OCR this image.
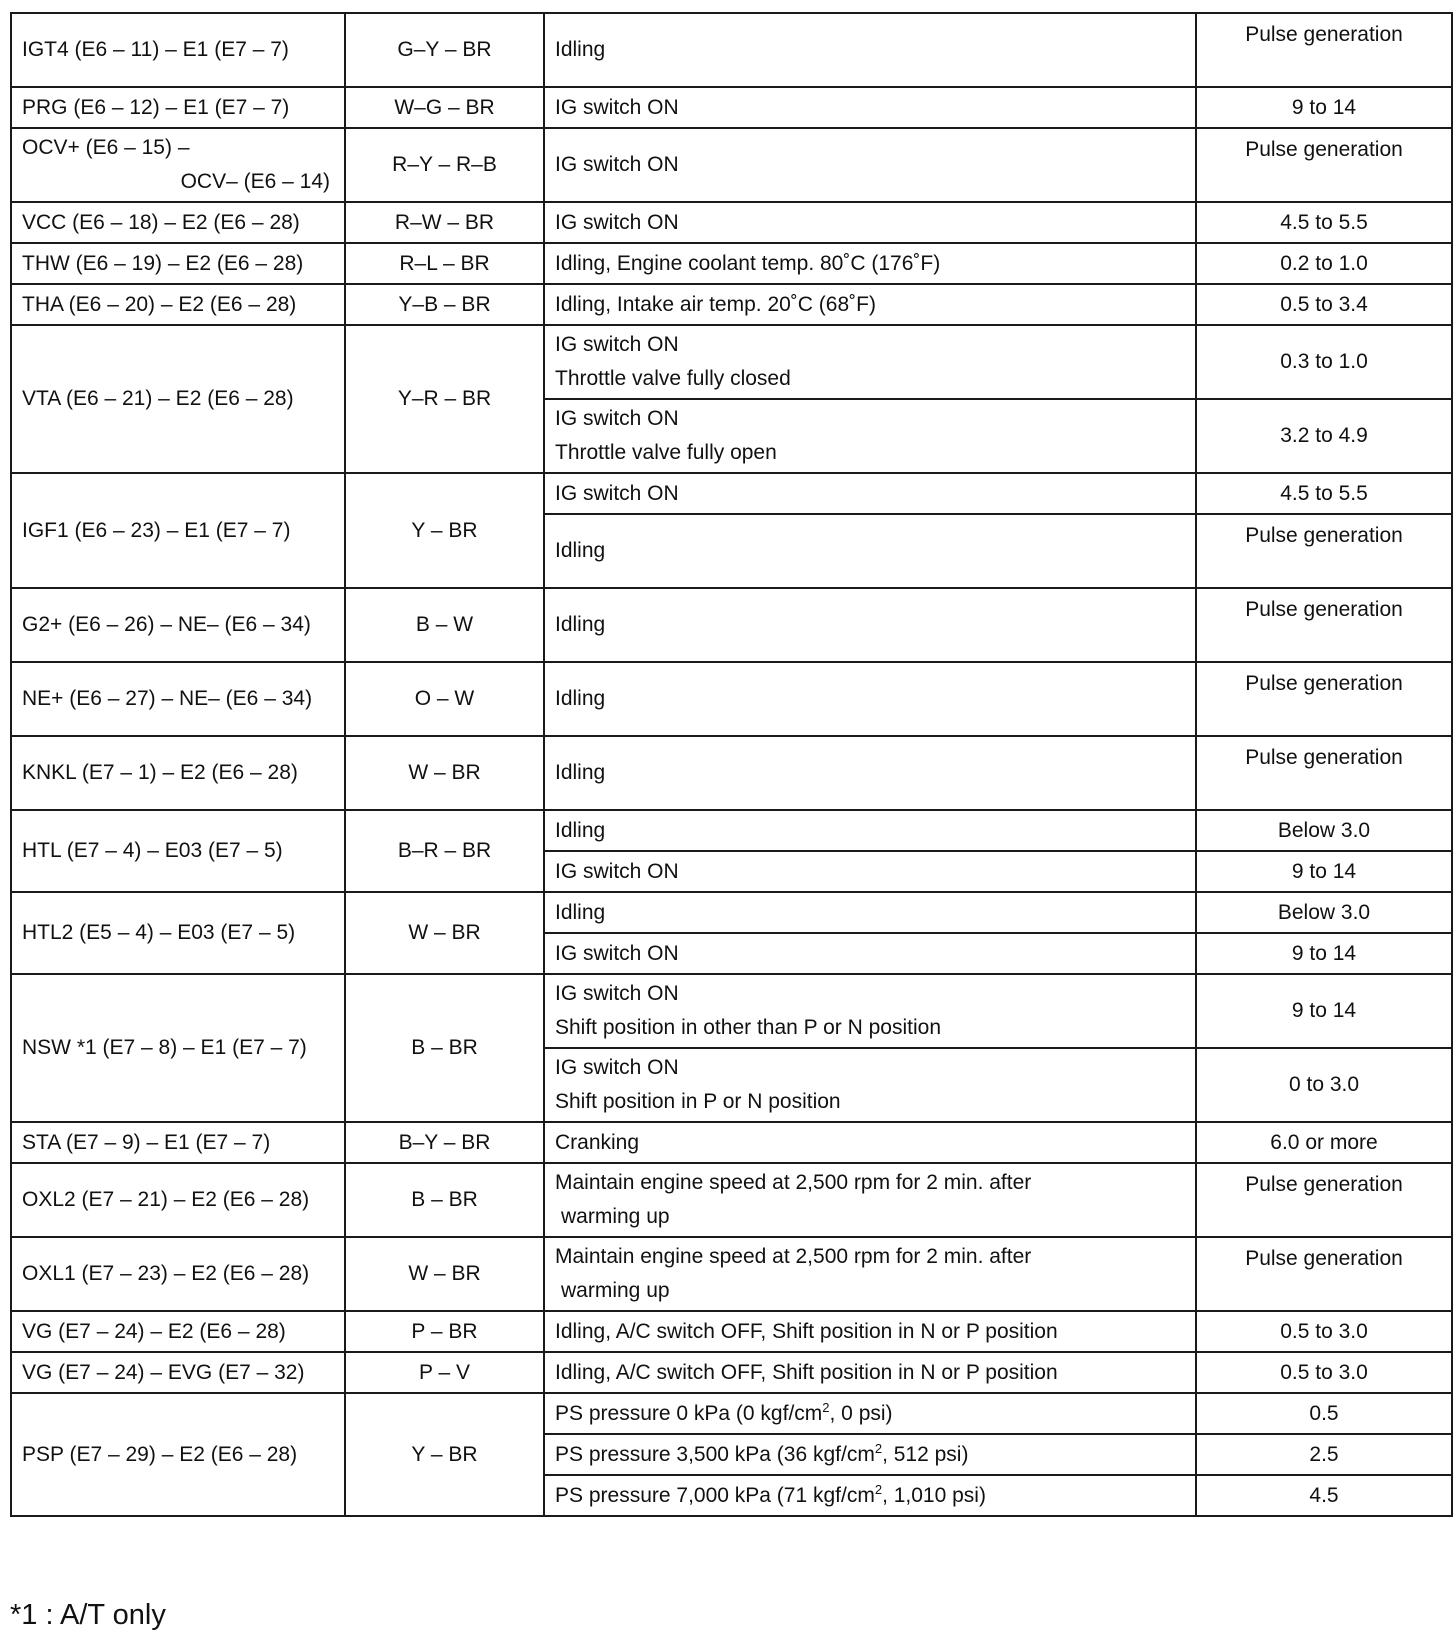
IGT4 (E6 – 11) – E1 (E7 – 7)	G–Y – BR	Idling	Pulse generation
PRG (E6 – 12) – E1 (E7 – 7)	W–G – BR	IG switch ON	9 to 14

OCV+ (E6 – 15) –
OCV– (E6 – 14)	R–Y – R–B	IG switch ON	Pulse generation
VCC (E6 – 18) – E2 (E6 – 28)	R–W – BR	IG switch ON	4.5 to 5.5
THW (E6 – 19) – E2 (E6 – 28)	R–L – BR	Idling, Engine coolant temp. 80˚C (176˚F)	0.2 to 1.0
THA (E6 – 20) – E2 (E6 – 28)	Y–B – BR	Idling, Intake air temp. 20˚C (68˚F)	0.5 to 3.4
VTA (E6 – 21) – E2 (E6 – 28)	Y–R – BR	IG switch ON
Throttle valve fully closed	0.3 to 1.0

		IG switch ON
Throttle valve fully open	3.2 to 4.9
IGF1 (E6 – 23) – E1 (E7 – 7)	Y – BR	IG switch ON	4.5 to 5.5

		Idling	Pulse generation
G2+ (E6 – 26) – NE– (E6 – 34)	B – W	Idling	Pulse generation
NE+ (E6 – 27) – NE– (E6 – 34)	O – W	Idling	Pulse generation
KNKL (E7 – 1) – E2 (E6 – 28)	W – BR	Idling	Pulse generation
HTL (E7 – 4) – E03 (E7 – 5)	B–R – BR	Idling	Below 3.0

		IG switch ON	9 to 14
HTL2 (E5 – 4) – E03 (E7 – 5)	W – BR	Idling	Below 3.0

		IG switch ON	9 to 14
NSW *1 (E7 – 8) – E1 (E7 – 7)	B – BR	IG switch ON
Shift position in other than P or N position	9 to 14

		IG switch ON
Shift position in P or N position	0 to 3.0
STA (E7 – 9) – E1 (E7 – 7)	B–Y – BR	Cranking	6.0 or more
OXL2 (E7 – 21) – E2 (E6 – 28)	B – BR	Maintain engine speed at 2,500 rpm for 2 min. after
warming up	Pulse generation
OXL1 (E7 – 23) – E2 (E6 – 28)	W – BR	Maintain engine speed at 2,500 rpm for 2 min. after
warming up	Pulse generation
VG (E7 – 24) – E2 (E6 – 28)	P – BR	Idling, A/C switch OFF, Shift position in N or P position	0.5 to 3.0
VG (E7 – 24) – EVG (E7 – 32)	P – V	Idling, A/C switch OFF, Shift position in N or P position	0.5 to 3.0
PSP (E7 – 29) – E2 (E6 – 28)	Y – BR	PS pressure 0 kPa (0 kgf/$cm^2$, 0 psi)	0.5

		PS pressure 3,500 kPa (36 kgf/$cm^2$, 512 psi)	2.5

		PS pressure 7,000 kPa (71 kgf/$cm^2$, 1,010 psi)	4.5
*1 : A/T only
